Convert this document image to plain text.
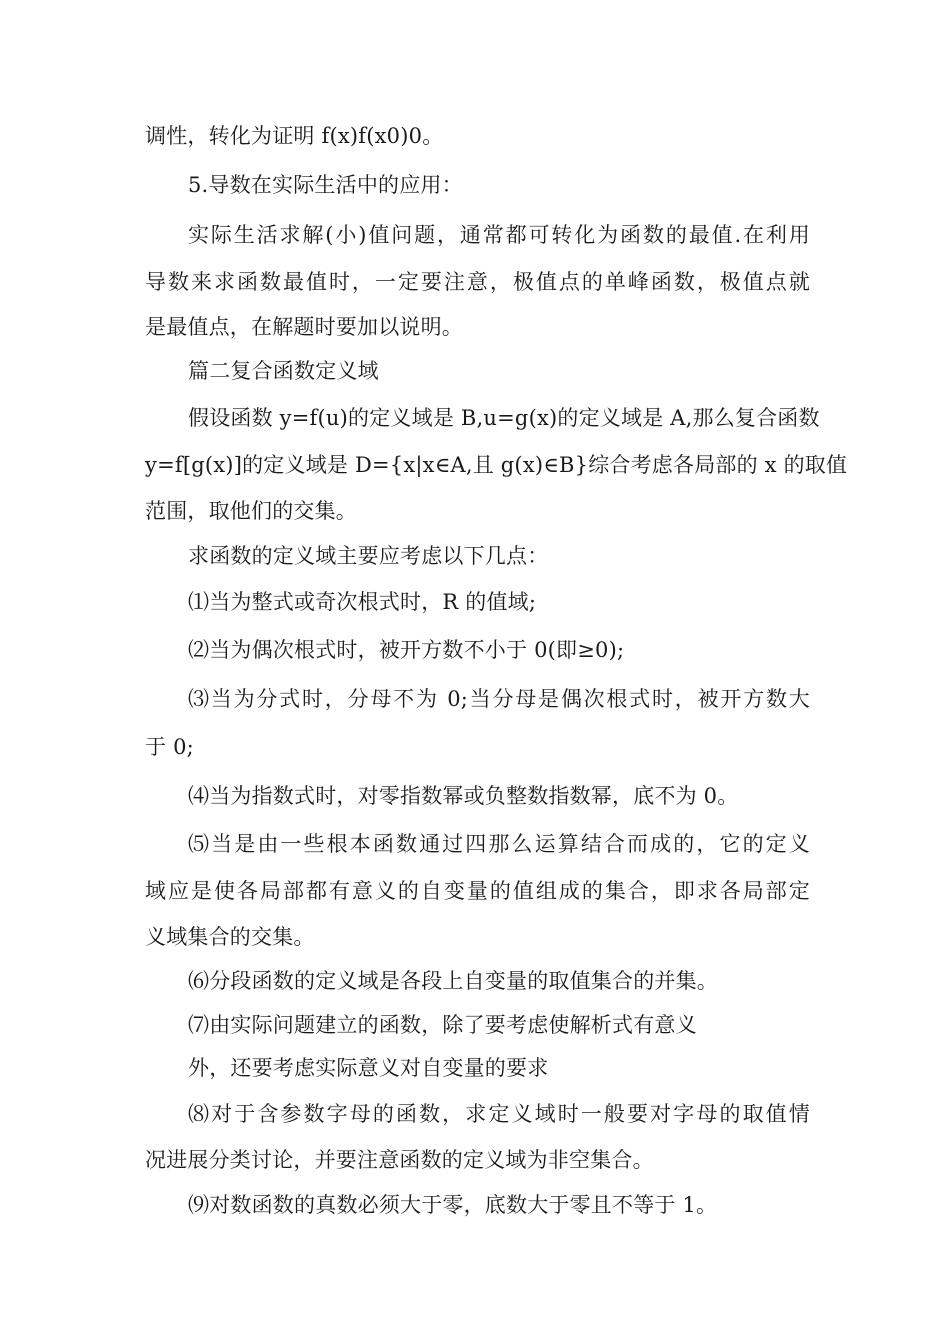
调性，转化为证明 f(x)f(x0)0。
5.导数在实际生活中的应用：
实际生活求解(小)值问题，通常都可转化为函数的最值.在利用
导数来求函数最值时，一定要注意，极值点的单峰函数，极值点就
是最值点，在解题时要加以说明。
篇二复合函数定义域
假设函数 y=f(u)的定义域是 B,u=g(x)的定义域是 A,那么复合函数
y=f[g(x)]的定义域是 D={x|x∈A,且 g(x)∈B}综合考虑各局部的 x 的取值
范围，取他们的交集。
求函数的定义域主要应考虑以下几点：
⑴当为整式或奇次根式时，R 的值域;
⑵当为偶次根式时，被开方数不小于 0(即≥0);
⑶当为分式时，分母不为 0;当分母是偶次根式时，被开方数大
于 0;
⑷当为指数式时，对零指数幂或负整数指数幂，底不为 0。
⑸当是由一些根本函数通过四那么运算结合而成的，它的定义
域应是使各局部都有意义的自变量的值组成的集合，即求各局部定
义域集合的交集。
⑹分段函数的定义域是各段上自变量的取值集合的并集。
⑺由实际问题建立的函数，除了要考虑使解析式有意义
外，还要考虑实际意义对自变量的要求
⑻对于含参数字母的函数，求定义域时一般要对字母的取值情
况进展分类讨论，并要注意函数的定义域为非空集合。
⑼对数函数的真数必须大于零，底数大于零且不等于 1。
